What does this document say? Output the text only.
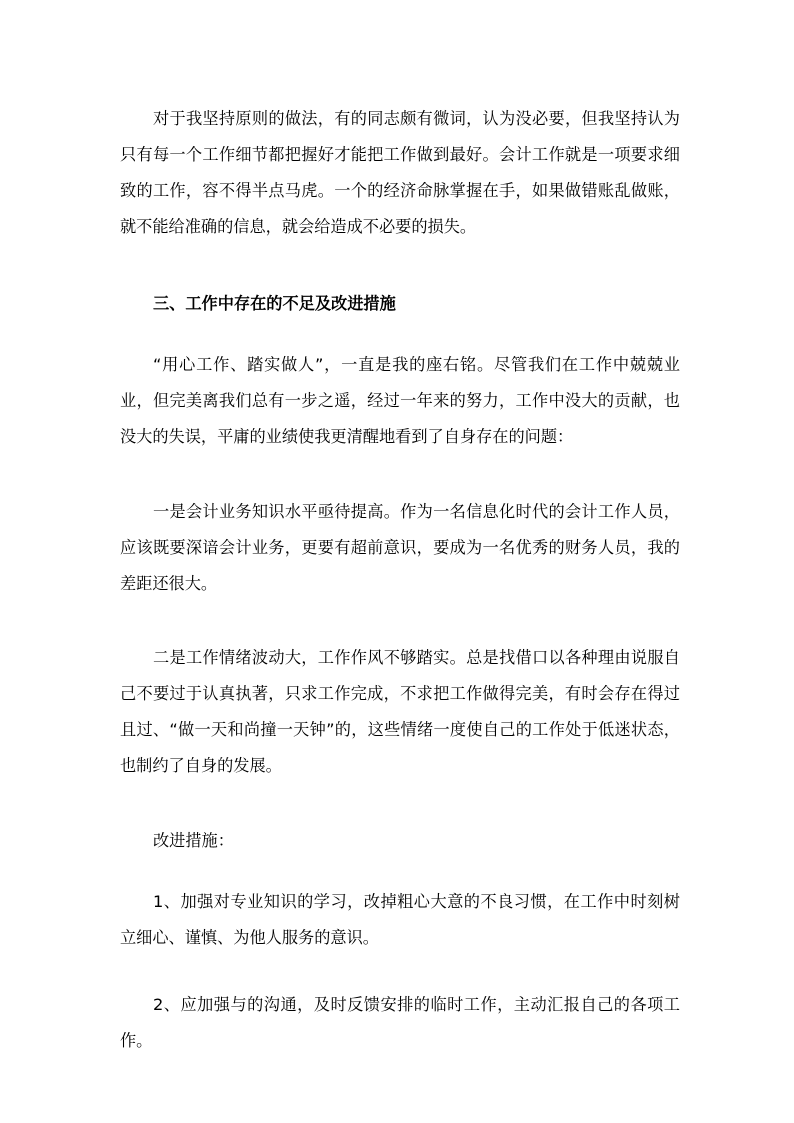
对于我坚持原则的做法，有的同志颇有微词，认为没必要，但我坚持认为只有每一个工作细节都把握好才能把工作做到最好。会计工作就是一项要求细致的工作，容不得半点马虎。一个的经济命脉掌握在手，如果做错账乱做账，就不能给准确的信息，就会给造成不必要的损失。

三、工作中存在的不足及改进措施

“用心工作、踏实做人”，一直是我的座右铭。尽管我们在工作中兢兢业业，但完美离我们总有一步之遥，经过一年来的努力，工作中没大的贡献，也没大的失误，平庸的业绩使我更清醒地看到了自身存在的问题：

一是会计业务知识水平亟待提高。作为一名信息化时代的会计工作人员，应该既要深谙会计业务，更要有超前意识，要成为一名优秀的财务人员，我的差距还很大。

二是工作情绪波动大，工作作风不够踏实。总是找借口以各种理由说服自己不要过于认真执著，只求工作完成，不求把工作做得完美，有时会存在得过且过、“做一天和尚撞一天钟”的，这些情绪一度使自己的工作处于低迷状态，也制约了自身的发展。

改进措施：

1、加强对专业知识的学习，改掉粗心大意的不良习惯，在工作中时刻树立细心、谨慎、为他人服务的意识。

2、应加强与的沟通，及时反馈安排的临时工作，主动汇报自己的各项工作。
